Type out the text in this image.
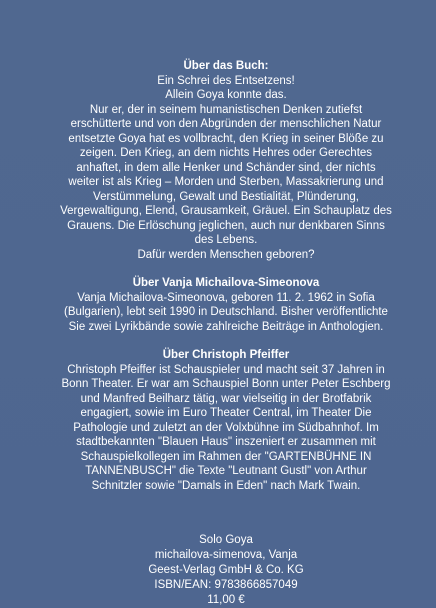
Über das Buch:

Ein Schrei des Entsetzens!

Allein Goya konnte das.

Nur er, der in seinem humanistischen Denken zutiefst erschütterte und von den Abgründen der menschlichen Natur entsetzte Goya hat es vollbracht, den Krieg in seiner Blöße zu zeigen. Den Krieg, an dem nichts Hehres oder Gerechtes anhaftet, in dem alle Henker und Schänder sind, der nichts weiter ist als Krieg – Morden und Sterben, Massakrierung und Verstümmelung, Gewalt und Bestialität, Plünderung, Vergewaltigung, Elend, Grausamkeit, Gräuel. Ein Schauplatz des Grauens. Die Erlöschung jeglichen, auch nur denkbaren Sinns des Lebens.

Dafür werden Menschen geboren?

Über Vanja Michailova-Simeonova

Vanja Michailova-Simeonova, geboren 11. 2. 1962 in Sofia (Bulgarien), lebt seit 1990 in Deutschland. Bisher veröffentlichte Sie zwei Lyrikbände sowie zahlreiche Beiträge in Anthologien.

Über Christoph Pfeiffer

Christoph Pfeiffer ist Schauspieler und macht seit 37 Jahren in Bonn Theater. Er war am Schauspiel Bonn unter Peter Eschberg und Manfred Beilharz tätig, war vielseitig in der Brotfabrik engagiert, sowie im Euro Theater Central, im Theater Die Pathologie und zuletzt an der Volxbühne im Südbahnhof. Im stadtbekannten "Blauen Haus" inszeniert er zusammen mit Schauspielkollegen im Rahmen der "GARTENBÜHNE IN TANNENBUSCH" die Texte "Leutnant Gustl" von Arthur Schnitzler sowie "Damals in Eden" nach Mark Twain.

Solo Goya
michailova-simenova, Vanja
Geest-Verlag GmbH & Co. KG
ISBN/EAN: 9783866857049
11,00 €
